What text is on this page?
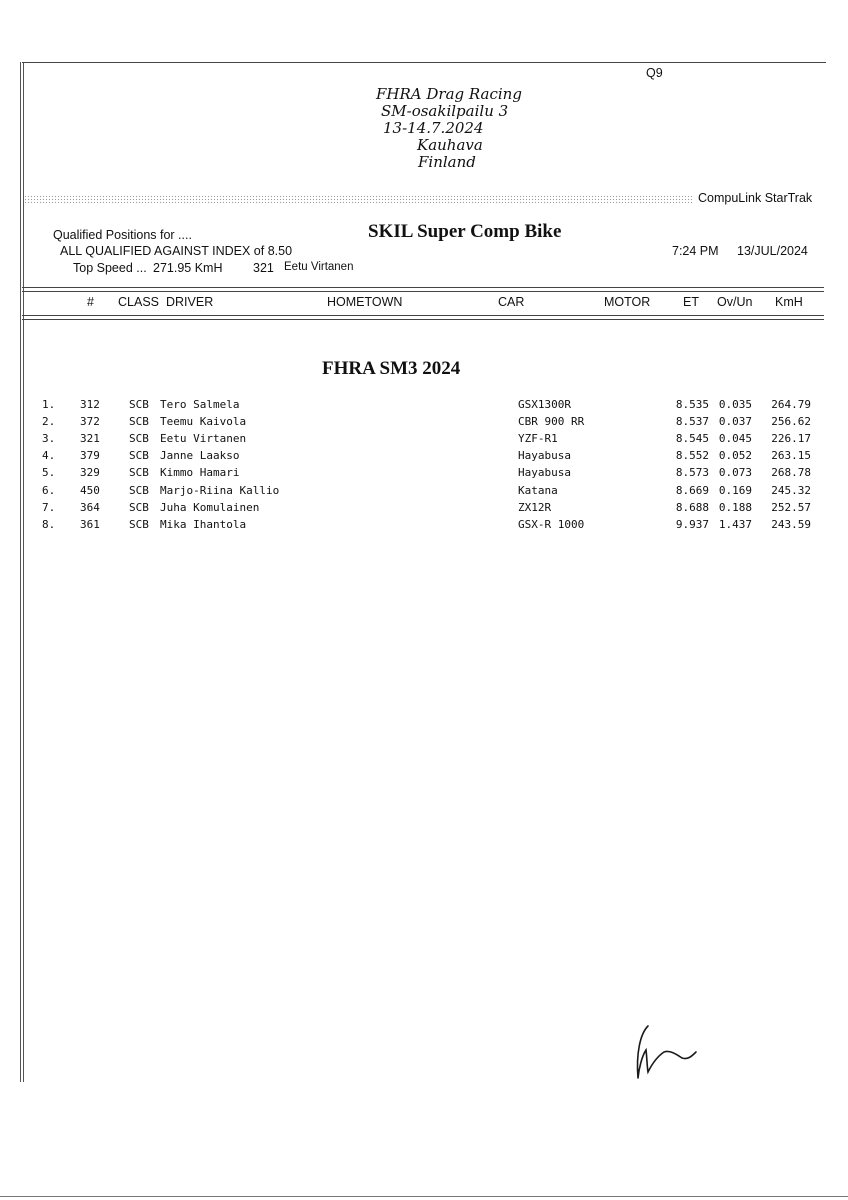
Q9
FHRA Drag Racing
SM-osakilpailu 3
13-14.7.2024
Kauhava
Finland
CompuLink StarTrak
Qualified Positions for ....	SKIL Super Comp Bike
ALL QUALIFIED AGAINST INDEX of 8.50	7:24 PM 13/JUL/2024
Top Speed ... 271.95 KmH 321 Eetu Virtanen
# CLASS DRIVER	HOMETOWN	CAR	MOTOR	ET Ov/Un KmH
FHRA SM3 2024
1. 312	SCB Tero Salmela	GSX1300R	8.535 0.035 264.79
2. 372	SCB Teemu Kaivola	CBR 900 RR	8.537 0.037 256.62
3. 321	SCB Eetu Virtanen	YZF-R1	8.545 0.045 226.17
4. 379	SCB Janne Laakso	Hayabusa	8.552 0.052 263.15
5. 329	SCB Kimmo Hamari	Hayabusa	8.573 0.073 268.78
6. 450	SCB Marjo-Riina Kallio	Katana	8.669 0.169 245.32
7. 364	SCB Juha Komulainen	ZX12R	8.688 0.188 252.57
8. 361	SCB Mika Ihantola	GSX-R 1000	9.937 1.437 243.59
